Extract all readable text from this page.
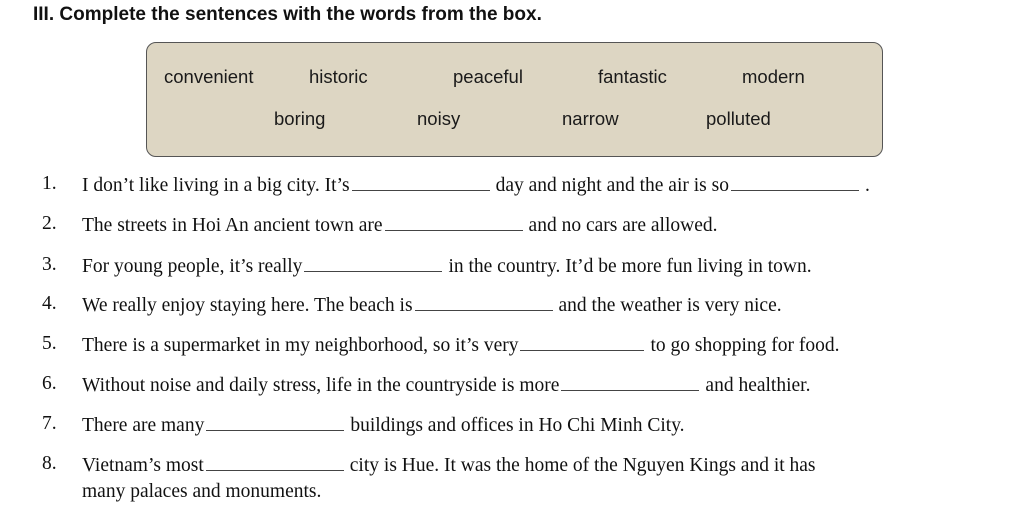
III. Complete the sentences with the words from the box.
convenient	historic	peaceful	fantastic	modern
boring	noisy	narrow	polluted
1. I don’t like living in a big city. It’s	day and night and the air is so	.
2. The streets in Hoi An ancient town are	and no cars are allowed.
3. For young people, it’s really	in the country. It’d be more fun living in town.
4. We really enjoy staying here. The beach is	and the weather is very nice.
5. There is a supermarket in my neighborhood, so it’s very	to go shopping for food.
6. Without noise and daily stress, life in the countryside is more	and healthier.
7. There are many	buildings and offices in Ho Chi Minh City.
8. Vietnam’s most	city is Hue. It was the home of the Nguyen Kings and it has
many palaces and monuments.
